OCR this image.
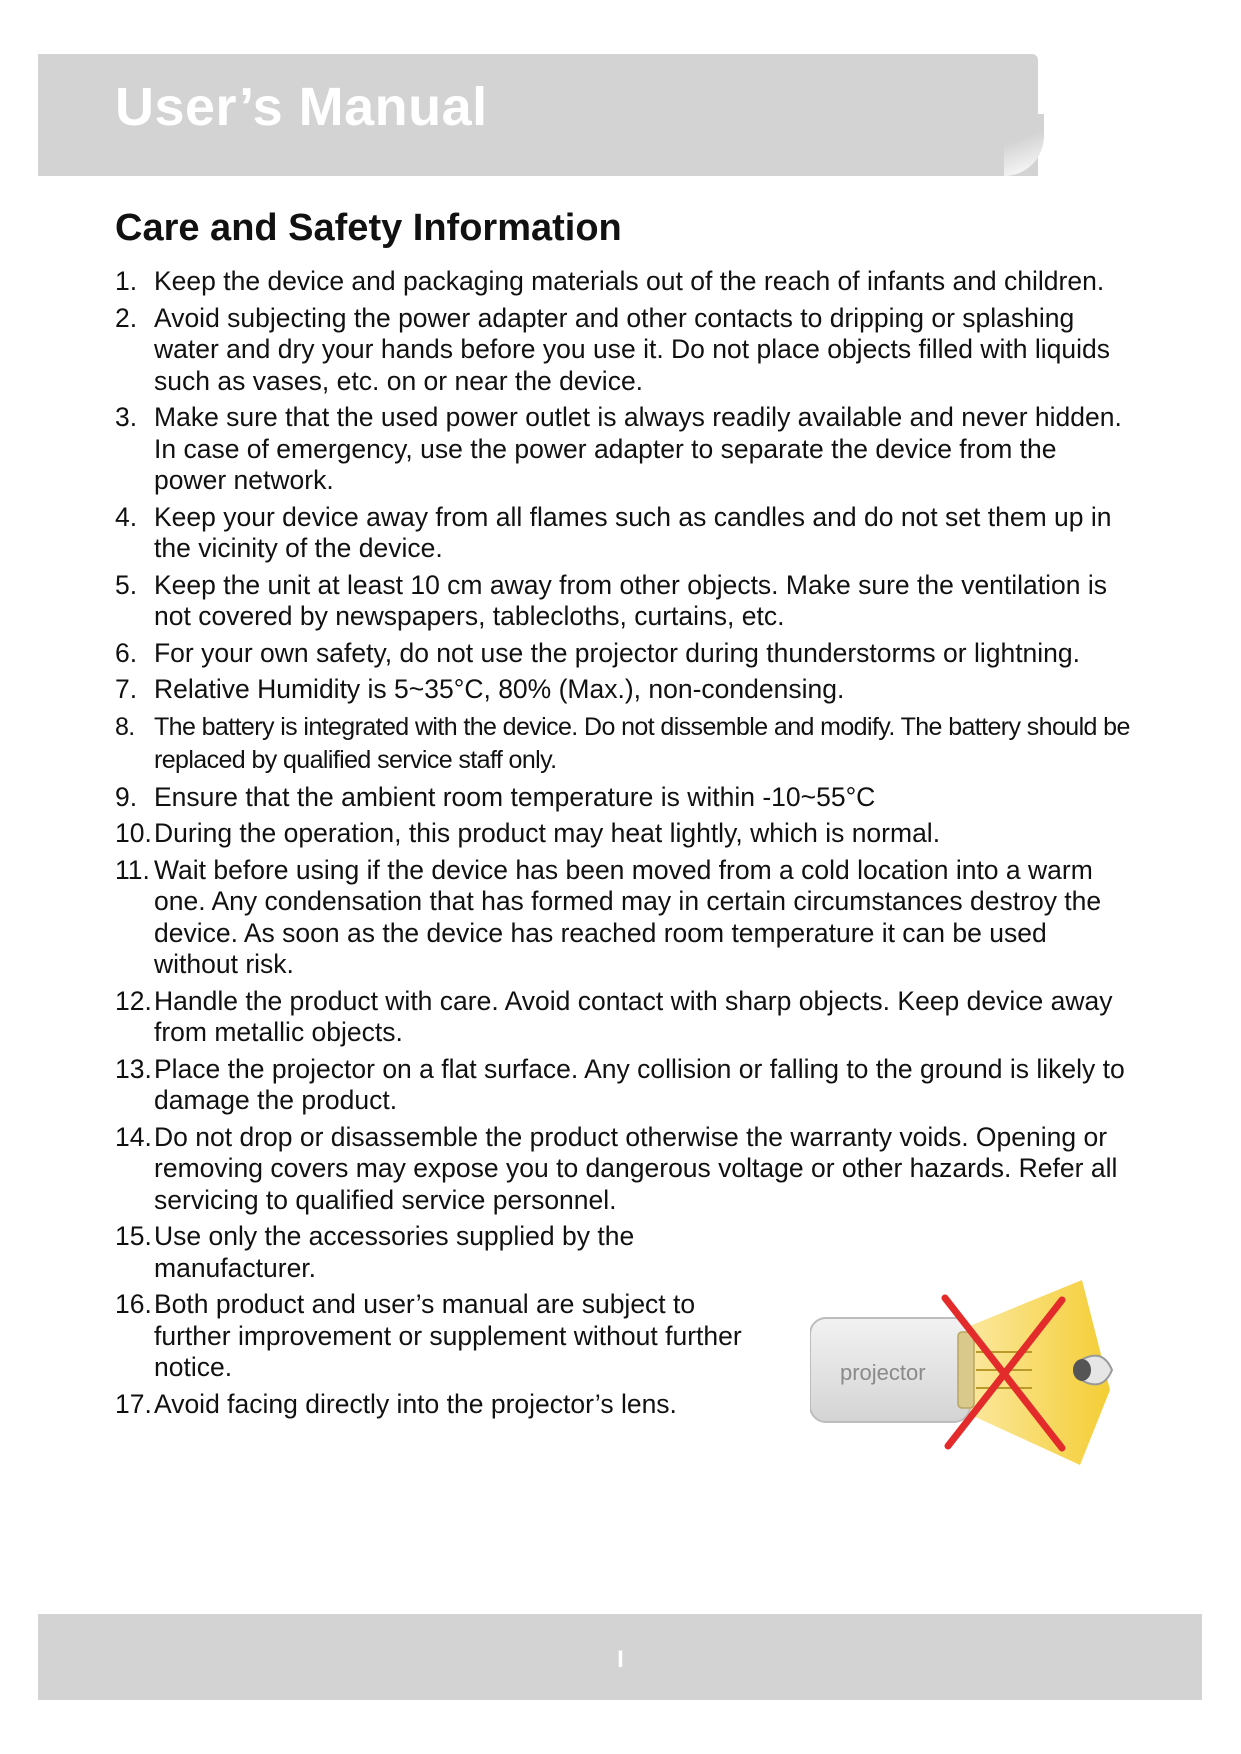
User’s Manual
Care and Safety Information
1. Keep the device and packaging materials out of the reach of infants and children.
2. Avoid subjecting the power adapter and other contacts to dripping or splashing water and dry your hands before you use it. Do not place objects filled with liquids such as vases, etc. on or near the device.
3. Make sure that the used power outlet is always readily available and never hidden. In case of emergency, use the power adapter to separate the device from the power network.
4. Keep your device away from all flames such as candles and do not set them up in the vicinity of the device.
5. Keep the unit at least 10 cm away from other objects. Make sure the ventilation is not covered by newspapers, tablecloths, curtains, etc.
6. For your own safety, do not use the projector during thunderstorms or lightning.
7. Relative Humidity is 5~35°C, 80% (Max.), non-condensing.
8. The battery is integrated with the device. Do not dissemble and modify. The battery should be replaced by qualified service staff only.
9. Ensure that the ambient room temperature is within -10~55°C
10. During the operation, this product may heat lightly, which is normal.
11. Wait before using if the device has been moved from a cold location into a warm one. Any condensation that has formed may in certain circumstances destroy the device. As soon as the device has reached room temperature it can be used without risk.
12. Handle the product with care. Avoid contact with sharp objects. Keep device away from metallic objects.
13. Place the projector on a flat surface. Any collision or falling to the ground is likely to damage the product.
14. Do not drop or disassemble the product otherwise the warranty voids. Opening or removing covers may expose you to dangerous voltage or other hazards. Refer all servicing to qualified service personnel.
15. Use only the accessories supplied by the manufacturer.
16. Both product and user’s manual are subject to further improvement or supplement without further notice.
17. Avoid facing directly into the projector’s lens.
projector
I
